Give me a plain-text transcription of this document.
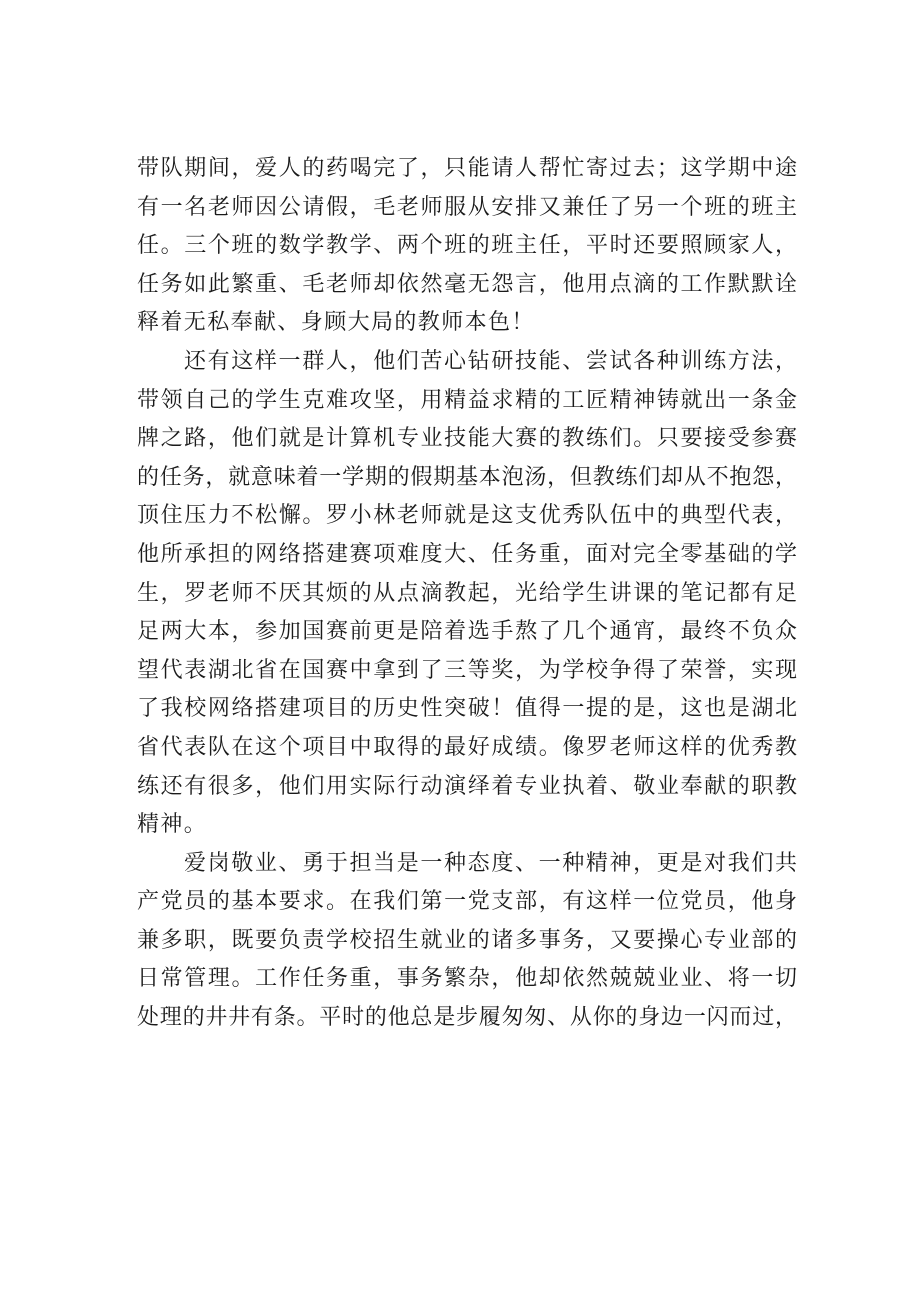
带队期间，爱人的药喝完了，只能请人帮忙寄过去；这学期中途
有一名老师因公请假，毛老师服从安排又兼任了另一个班的班主
任。三个班的数学教学、两个班的班主任，平时还要照顾家人，
任务如此繁重、毛老师却依然毫无怨言，他用点滴的工作默默诠
释着无私奉献、身顾大局的教师本色！
还有这样一群人，他们苦心钻研技能、尝试各种训练方法，
带领自己的学生克难攻坚，用精益求精的工匠精神铸就出一条金
牌之路，他们就是计算机专业技能大赛的教练们。只要接受参赛
的任务，就意味着一学期的假期基本泡汤，但教练们却从不抱怨，
顶住压力不松懈。罗小林老师就是这支优秀队伍中的典型代表，
他所承担的网络搭建赛项难度大、任务重，面对完全零基础的学
生，罗老师不厌其烦的从点滴教起，光给学生讲课的笔记都有足
足两大本，参加国赛前更是陪着选手熬了几个通宵，最终不负众
望代表湖北省在国赛中拿到了三等奖，为学校争得了荣誉，实现
了我校网络搭建项目的历史性突破！值得一提的是，这也是湖北
省代表队在这个项目中取得的最好成绩。像罗老师这样的优秀教
练还有很多，他们用实际行动演绎着专业执着、敬业奉献的职教
精神。
爱岗敬业、勇于担当是一种态度、一种精神，更是对我们共
产党员的基本要求。在我们第一党支部，有这样一位党员，他身
兼多职，既要负责学校招生就业的诸多事务，又要操心专业部的
日常管理。工作任务重，事务繁杂，他却依然兢兢业业、将一切
处理的井井有条。平时的他总是步履匆匆、从你的身边一闪而过，
